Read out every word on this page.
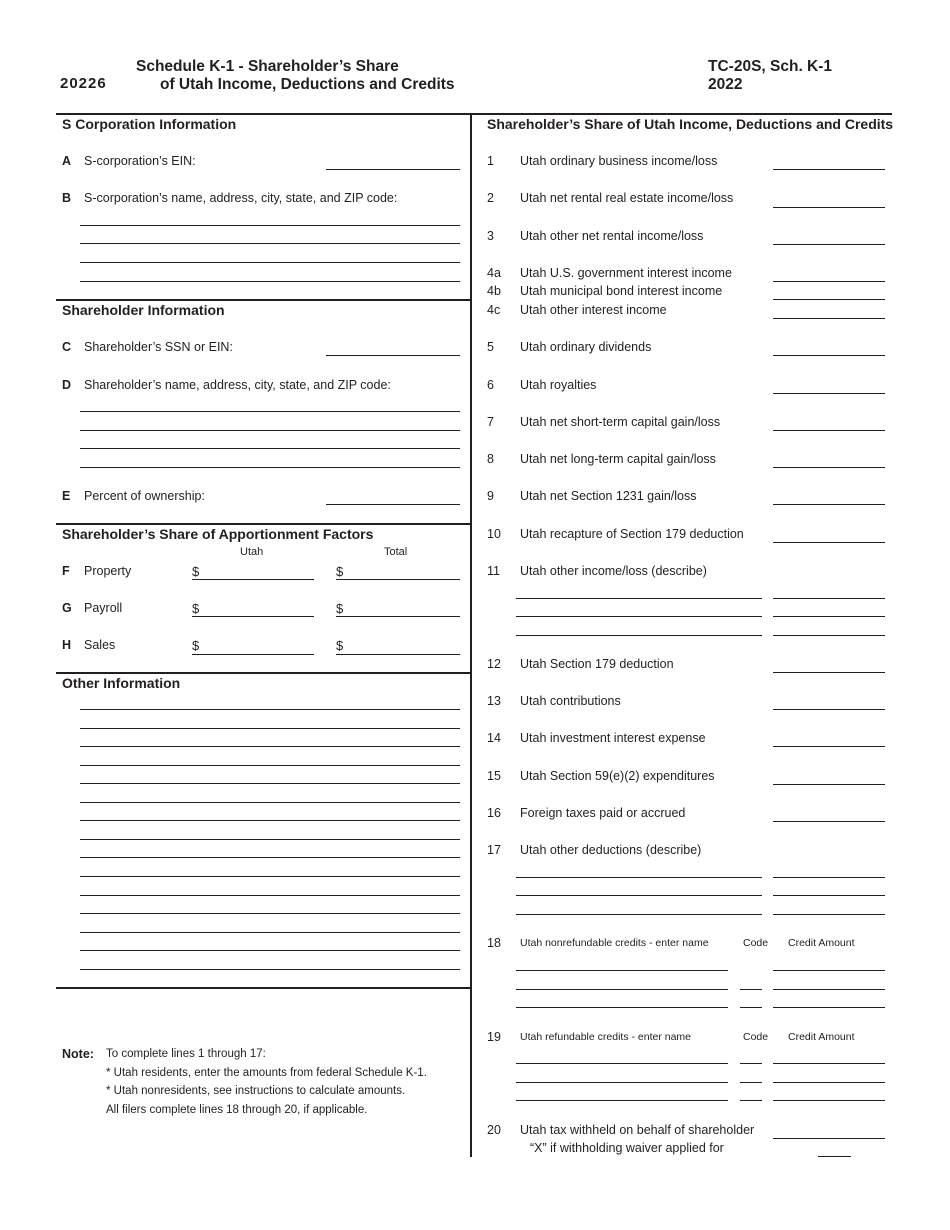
20226
Schedule K-1 - Shareholder’s Share
of Utah Income, Deductions and Credits
TC-20S, Sch. K-1
2022
S Corporation Information
A S-corporation’s EIN:
B S-corporation’s name, address, city, state, and ZIP code:
Shareholder Information
C Shareholder’s SSN or EIN:
D Shareholder’s name, address, city, state, and ZIP code:
E Percent of ownership:
Shareholder’s Share of Apportionment Factors
Utah	Total
F Property	$	$
G Payroll	$	$
H Sales	$	$
Other Information
Note: To complete lines 1 through 17:
* Utah residents, enter the amounts from federal Schedule K-1.
* Utah nonresidents, see instructions to calculate amounts.
All filers complete lines 18 through 20, if applicable.
Shareholder’s Share of Utah Income, Deductions and Credits
1 Utah ordinary business income/loss
2 Utah net rental real estate income/loss
3 Utah other net rental income/loss
4a Utah U.S. government interest income
4b Utah municipal bond interest income
4c Utah other interest income
5 Utah ordinary dividends
6 Utah royalties
7 Utah net short-term capital gain/loss
8 Utah net long-term capital gain/loss
9 Utah net Section 1231 gain/loss
10 Utah recapture of Section 179 deduction
11 Utah other income/loss (describe)
12 Utah Section 179 deduction
13 Utah contributions
14 Utah investment interest expense
15 Utah Section 59(e)(2) expenditures
16 Foreign taxes paid or accrued
17 Utah other deductions (describe)
18 Utah nonrefundable credits - enter name	Code Credit Amount
19 Utah refundable credits - enter name	Code Credit Amount
20 Utah tax withheld on behalf of shareholder
“X” if withholding waiver applied for
